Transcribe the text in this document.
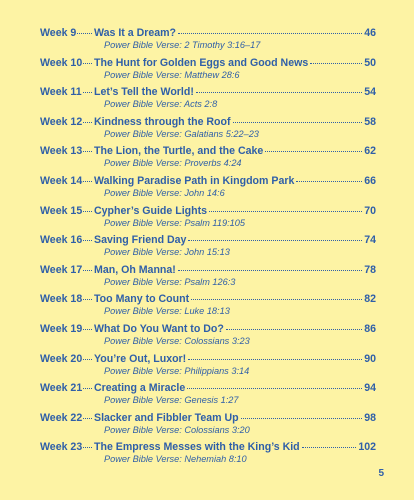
Week 9 Was It a Dream?	46
Power Bible Verse: 2 Timothy 3:16–17
Week 10 The Hunt for Golden Eggs and Good News	50
Power Bible Verse: Matthew 28:6
Week 11 Let’s Tell the World!	54
Power Bible Verse: Acts 2:8
Week 12 Kindness through the Roof	58
Power Bible Verse: Galatians 5:22–23
Week 13 The Lion, the Turtle, and the Cake	62
Power Bible Verse: Proverbs 4:24
Week 14 Walking Paradise Path in Kingdom Park	66
Power Bible Verse: John 14:6
Week 15 Cypher’s Guide Lights	70
Power Bible Verse: Psalm 119:105
Week 16 Saving Friend Day	74
Power Bible Verse: John 15:13
Week 17 Man, Oh Manna!	78
Power Bible Verse: Psalm 126:3
Week 18 Too Many to Count	82
Power Bible Verse: Luke 18:13
Week 19 What Do You Want to Do?	86
Power Bible Verse: Colossians 3:23
Week 20 You’re Out, Luxor!	90
Power Bible Verse: Philippians 3:14
Week 21 Creating a Miracle	94
Power Bible Verse: Genesis 1:27
Week 22 Slacker and Fibbler Team Up	98
Power Bible Verse: Colossians 3:20
Week 23 The Empress Messes with the King’s Kid	102
Power Bible Verse: Nehemiah 8:10
5
